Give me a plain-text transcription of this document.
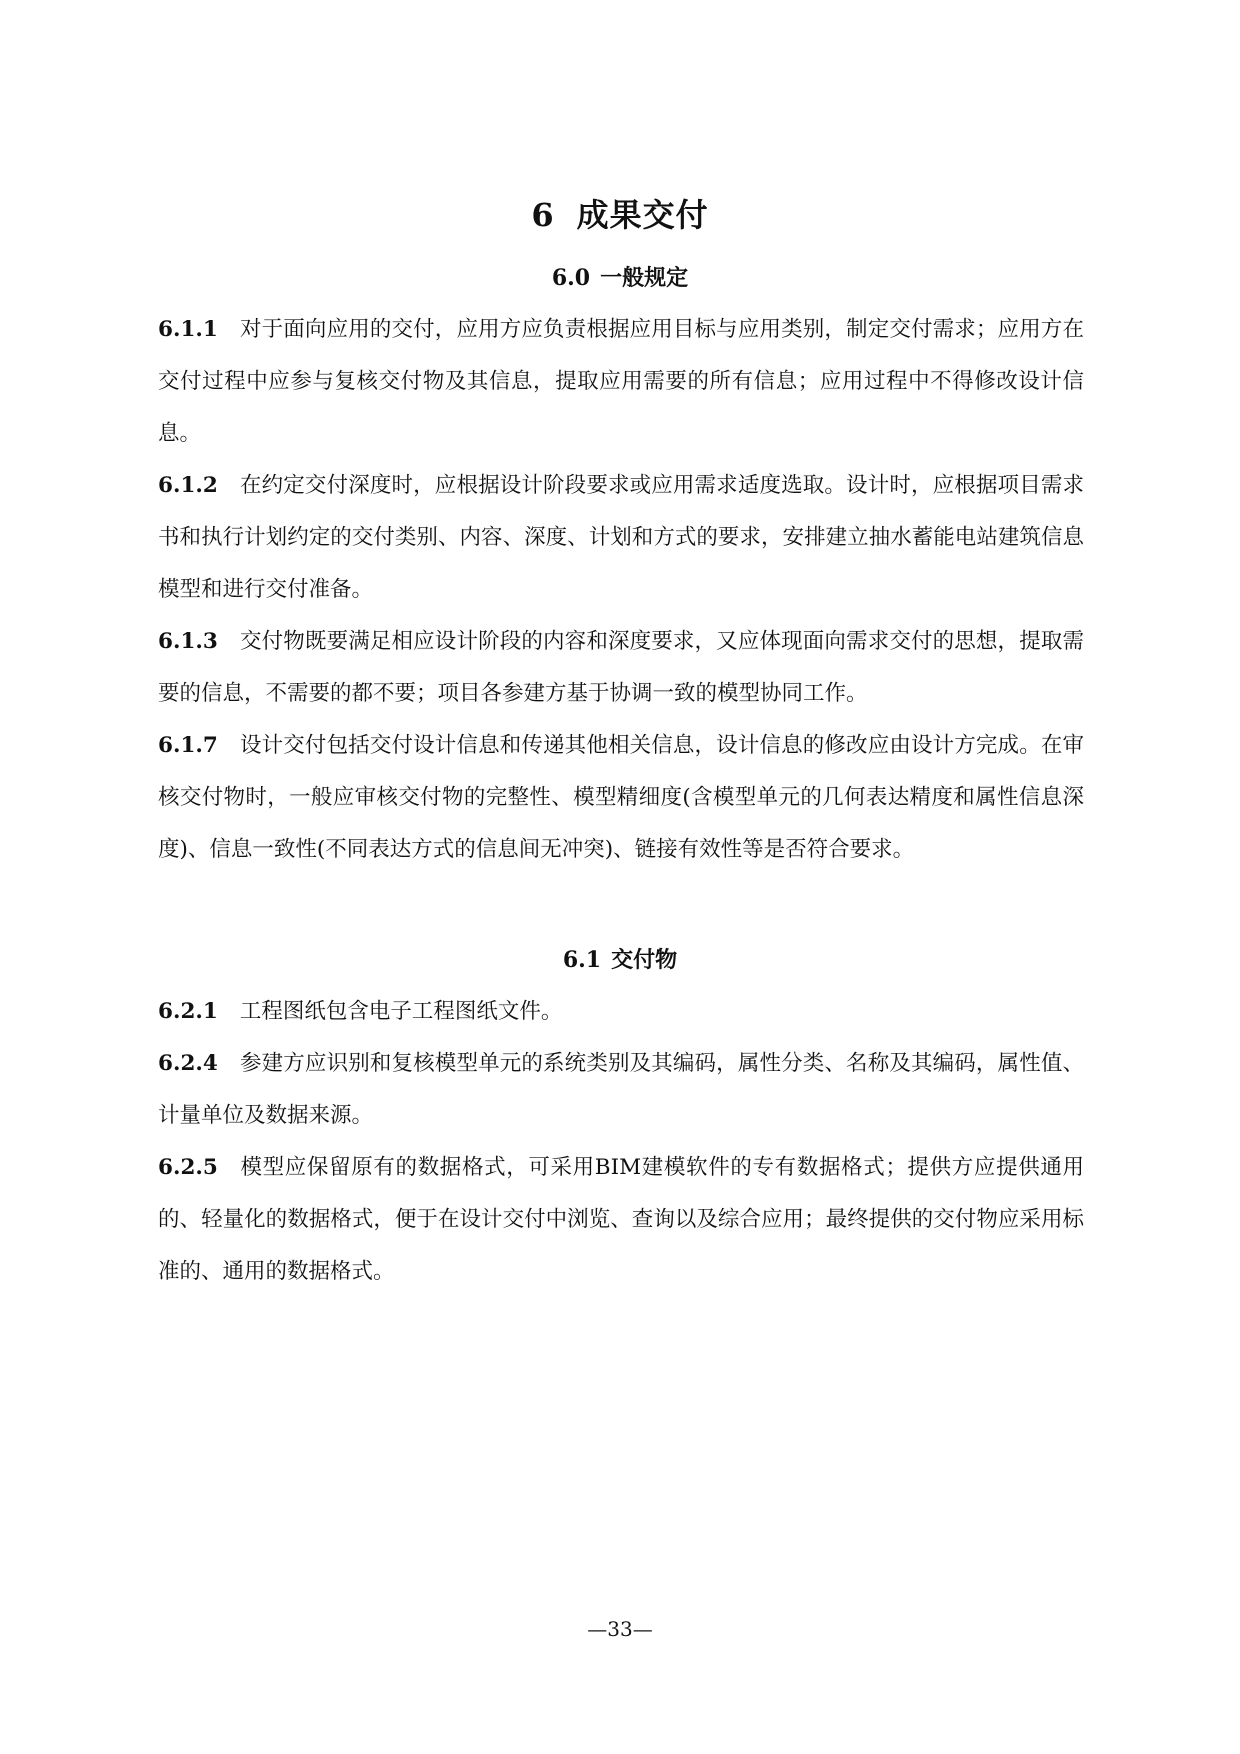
6 成果交付
6.0 一般规定

6.1.1 对于面向应用的交付，应用方应负责根据应用目标与应用类别，制定交付需求；应用方在交付过程中应参与复核交付物及其信息，提取应用需要的所有信息；应用过程中不得修改设计信息。

6.1.2 在约定交付深度时，应根据设计阶段要求或应用需求适度选取。设计时，应根据项目需求书和执行计划约定的交付类别、内容、深度、计划和方式的要求，安排建立抽水蓄能电站建筑信息模型和进行交付准备。

6.1.3 交付物既要满足相应设计阶段的内容和深度要求，又应体现面向需求交付的思想，提取需要的信息，不需要的都不要；项目各参建方基于协调一致的模型协同工作。

6.1.7 设计交付包括交付设计信息和传递其他相关信息，设计信息的修改应由设计方完成。在审核交付物时，一般应审核交付物的完整性、模型精细度(含模型单元的几何表达精度和属性信息深度)、信息一致性(不同表达方式的信息间无冲突)、链接有效性等是否符合要求。

6.1 交付物

6.2.1 工程图纸包含电子工程图纸文件。

6.2.4 参建方应识别和复核模型单元的系统类别及其编码，属性分类、名称及其编码，属性值、计量单位及数据来源。

6.2.5 模型应保留原有的数据格式，可采用BIM建模软件的专有数据格式；提供方应提供通用的、轻量化的数据格式，便于在设计交付中浏览、查询以及综合应用；最终提供的交付物应采用标准的、通用的数据格式。

—33—
